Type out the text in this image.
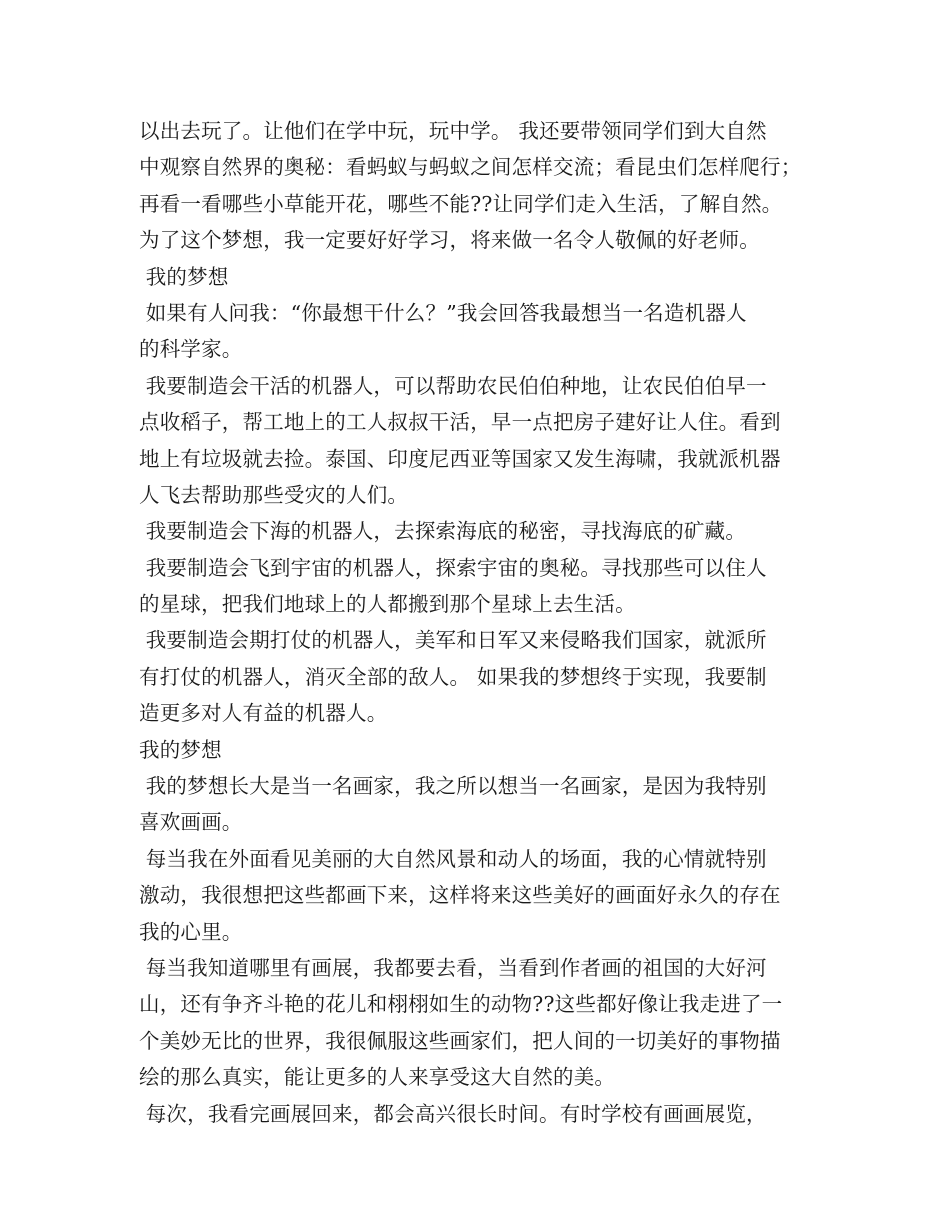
以出去玩了。让他们在学中玩，玩中学。 我还要带领同学们到大自然
中观察自然界的奥秘：看蚂蚁与蚂蚁之间怎样交流；看昆虫们怎样爬行；
再看一看哪些小草能开花，哪些不能??让同学们走入生活，了解自然。
为了这个梦想，我一定要好好学习，将来做一名令人敬佩的好老师。
我的梦想
如果有人问我：“你最想干什么？”我会回答我最想当一名造机器人
的科学家。
我要制造会干活的机器人，可以帮助农民伯伯种地，让农民伯伯早一
点收稻子，帮工地上的工人叔叔干活，早一点把房子建好让人住。看到
地上有垃圾就去捡。泰国、印度尼西亚等国家又发生海啸，我就派机器
人飞去帮助那些受灾的人们。
我要制造会下海的机器人，去探索海底的秘密，寻找海底的矿藏。
我要制造会飞到宇宙的机器人，探索宇宙的奥秘。寻找那些可以住人
的星球，把我们地球上的人都搬到那个星球上去生活。
我要制造会期打仗的机器人，美军和日军又来侵略我们国家，就派所
有打仗的机器人，消灭全部的敌人。 如果我的梦想终于实现，我要制
造更多对人有益的机器人。
我的梦想
我的梦想长大是当一名画家，我之所以想当一名画家，是因为我特别
喜欢画画。
每当我在外面看见美丽的大自然风景和动人的场面，我的心情就特别
激动，我很想把这些都画下来，这样将来这些美好的画面好永久的存在
我的心里。
每当我知道哪里有画展，我都要去看，当看到作者画的祖国的大好河
山，还有争齐斗艳的花儿和栩栩如生的动物??这些都好像让我走进了一
个美妙无比的世界，我很佩服这些画家们，把人间的一切美好的事物描
绘的那么真实，能让更多的人来享受这大自然的美。
每次，我看完画展回来，都会高兴很长时间。有时学校有画画展览，
